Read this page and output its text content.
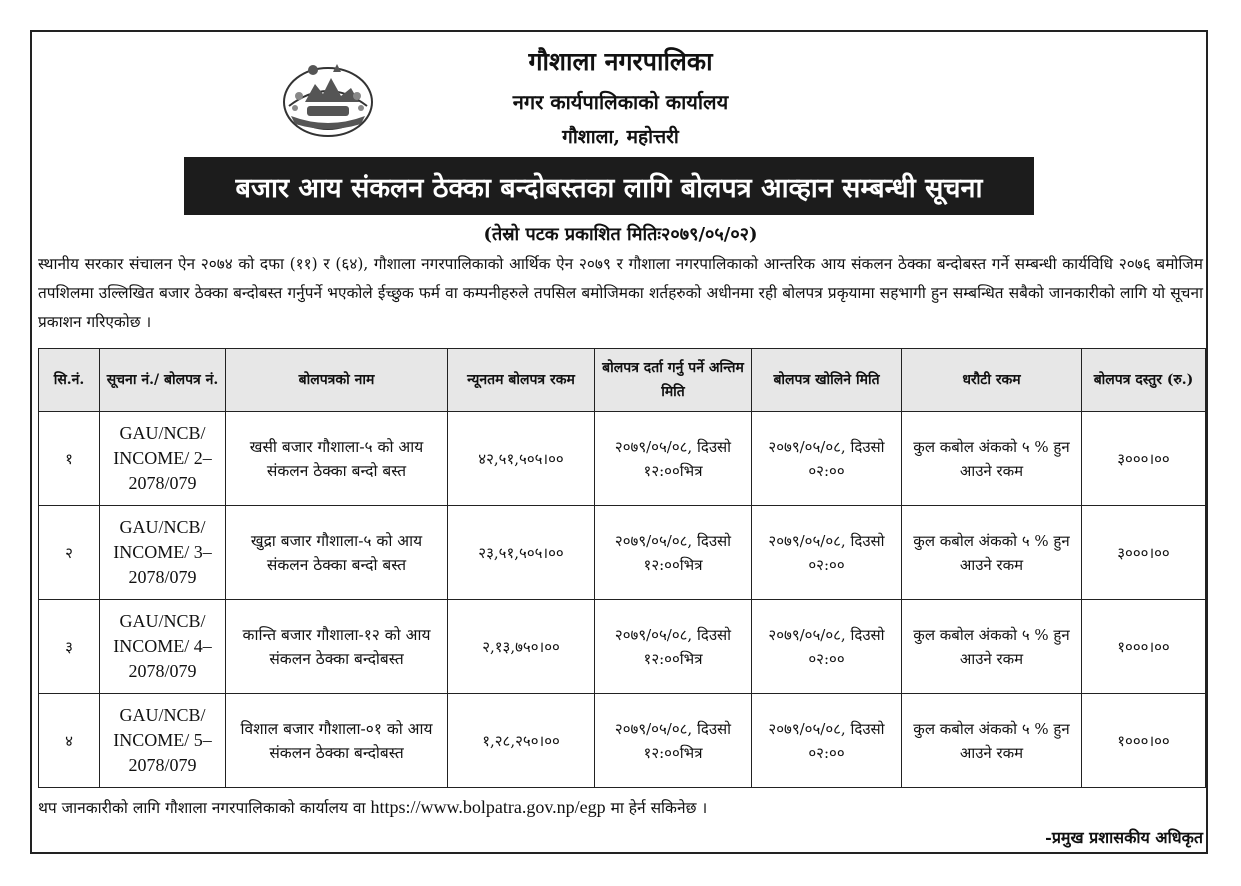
गौशाला नगरपालिका
नगर कार्यपालिकाको कार्यालय
गौशाला, महोत्तरी
बजार आय संकलन ठेक्का बन्दोबस्तका लागि बोलपत्र आव्हान सम्बन्धी सूचना
(तेस्रो पटक प्रकाशित मितिः२०७९/०५/०२)
स्थानीय सरकार संचालन ऐन २०७४ को दफा (११) र (६४), गौशाला नगरपालिकाको आर्थिक ऐन २०७९ र गौशाला नगरपालिकाको आन्तरिक आय संकलन ठेक्का बन्दोबस्त गर्ने सम्बन्धी कार्यविधि २०७६ बमोजिम तपशिलमा उल्लिखित बजार ठेक्का बन्दोबस्त गर्नुपर्ने भएकोले ईच्छुक फर्म वा कम्पनीहरुले तपसिल बमोजिमका शर्तहरुको अधीनमा रही बोलपत्र प्रकृयामा सहभागी हुन सम्बन्धित सबैको जानकारीको लागि यो सूचना प्रकाशन गरिएकोछ ।
सि.नं.	सूचना नं./ बोलपत्र नं.	बोलपत्रको नाम	न्यूनतम बोलपत्र रकम	बोलपत्र दर्ता गर्नु पर्ने अन्तिम मिति	बोलपत्र खोलिने मिति	धरौटी रकम	बोलपत्र दस्तुर (रु.)
१	GAU/NCB/ INCOME/ 2–2078/079	खसी बजार गौशाला-५ को आय संकलन ठेक्का बन्दो बस्त	४२,५१,५०५।००	२०७९/०५/०८, दिउसो १२:००भित्र	२०७९/०५/०८, दिउसो ०२:००	कुल कबोल अंकको ५ % हुन आउने रकम	३०००।००
२	GAU/NCB/ INCOME/ 3–2078/079	खुद्रा बजार गौशाला-५ को आय संकलन ठेक्का बन्दो बस्त	२३,५१,५०५।००	२०७९/०५/०८, दिउसो १२:००भित्र	२०७९/०५/०८, दिउसो ०२:००	कुल कबोल अंकको ५ % हुन आउने रकम	३०००।००
३	GAU/NCB/ INCOME/ 4–2078/079	कान्ति बजार गौशाला-१२ को आय संकलन ठेक्का बन्दोबस्त	२,१३,७५०।००	२०७९/०५/०८, दिउसो १२:००भित्र	२०७९/०५/०८, दिउसो ०२:००	कुल कबोल अंकको ५ % हुन आउने रकम	१०००।००
४	GAU/NCB/ INCOME/ 5–2078/079	विशाल बजार गौशाला-०१ को आय संकलन ठेक्का बन्दोबस्त	१,२८,२५०।००	२०७९/०५/०८, दिउसो १२:००भित्र	२०७९/०५/०८, दिउसो ०२:००	कुल कबोल अंकको ५ % हुन आउने रकम	१०००।००
थप जानकारीको लागि गौशाला नगरपालिकाको कार्यालय वा https://www.bolpatra.gov.np/egp मा हेर्न सकिनेछ ।
-प्रमुख प्रशासकीय अधिकृत
